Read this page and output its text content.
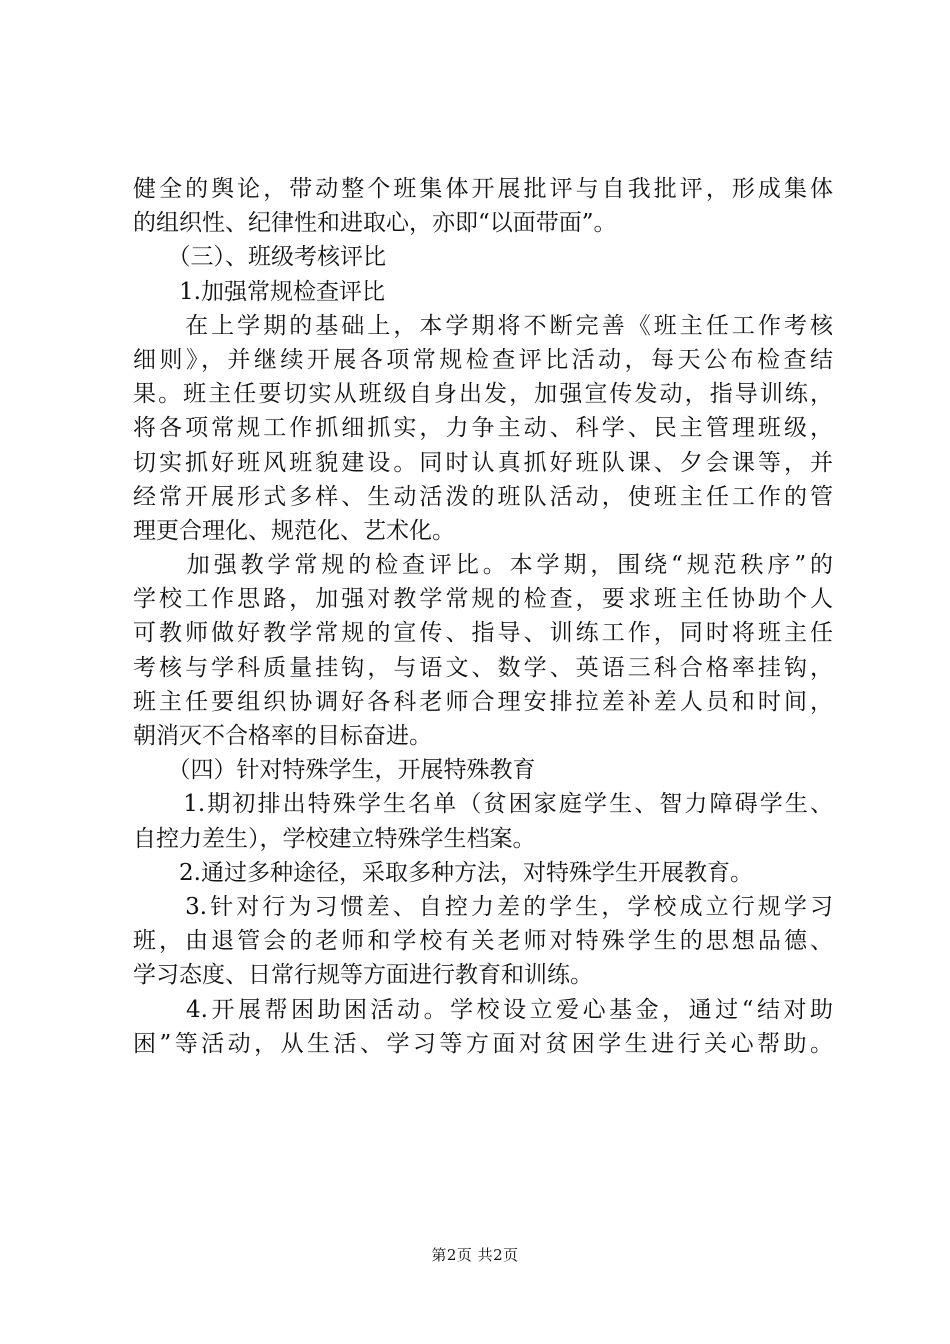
健全的舆论，带动整个班集体开展批评与自我批评，形成集体
的组织性、纪律性和进取心，亦即“以面带面”。
　　（三）、班级考核评比
　　1.加强常规检查评比
　　在上学期的基础上，本学期将不断完善《班主任工作考核
细则》，并继续开展各项常规检查评比活动，每天公布检查结
果。班主任要切实从班级自身出发，加强宣传发动，指导训练，
将各项常规工作抓细抓实，力争主动、科学、民主管理班级，
切实抓好班风班貌建设。同时认真抓好班队课、夕会课等，并
经常开展形式多样、生动活泼的班队活动，使班主任工作的管
理更合理化、规范化、艺术化。
　　加强教学常规的检查评比。本学期，围绕“规范秩序”的
学校工作思路，加强对教学常规的检查，要求班主任协助个人
可教师做好教学常规的宣传、指导、训练工作，同时将班主任
考核与学科质量挂钩，与语文、数学、英语三科合格率挂钩，
班主任要组织协调好各科老师合理安排拉差补差人员和时间，
朝消灭不合格率的目标奋进。
　　（四）针对特殊学生，开展特殊教育
　　1.期初排出特殊学生名单（贫困家庭学生、智力障碍学生、
自控力差生），学校建立特殊学生档案。
　　2.通过多种途径，采取多种方法，对特殊学生开展教育。
　　3.针对行为习惯差、自控力差的学生，学校成立行规学习
班，由退管会的老师和学校有关老师对特殊学生的思想品德、
学习态度、日常行规等方面进行教育和训练。
　　4.开展帮困助困活动。学校设立爱心基金，通过“结对助
困”等活动，从生活、学习等方面对贫困学生进行关心帮助。
第2页 共2页
